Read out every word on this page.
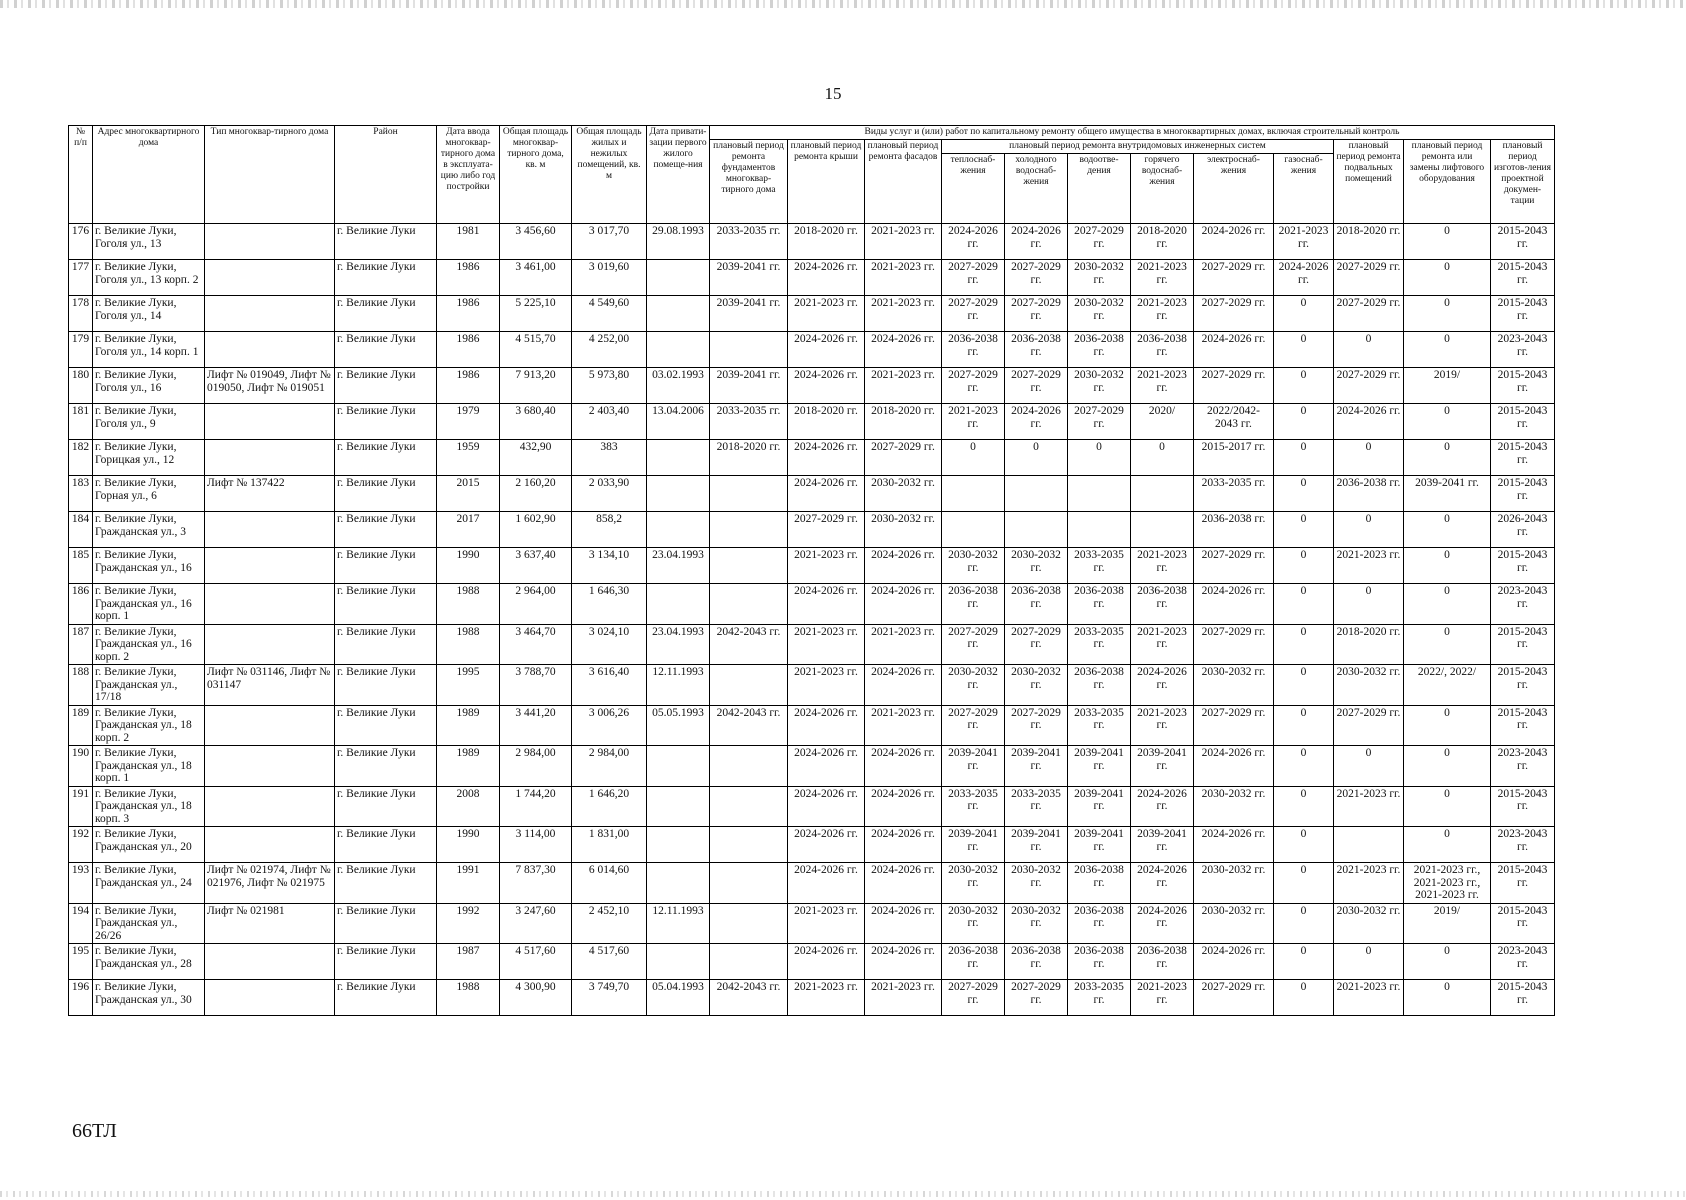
15
№ п/п	Адрес многоквартирного дома	Тип многоквар-тирного дома	Район	Дата ввода многоквар-тирного дома в эксплуата-цию либо год постройки	Общая площадь многоквар-тирного дома, кв. м	Общая площадь жилых и нежилых помещений, кв. м	Дата привати-зации первого жилого помеще-ния	Виды услуг и (или) работ по капитальному ремонту общего имущества в многоквартирных домах, включая строительный контроль											
								плановый период ремонта фундаментов многоквар-тирного дома	плановый период ремонта крыши	плановый период ремонта фасадов	плановый период ремонта внутридомовых инженерных систем						плановый период ремонта подвальных помещений	плановый период ремонта или замены лифтового оборудования	плановый период изготов-ления проектной докумен-тации
											теплоснаб-жения	холодного водоснаб-жения	водоотве-дения	горячего водоснаб-жения	электроснаб-жения	газоснаб-жения			
176	г. Великие Луки, Гоголя ул., 13		г. Великие Луки	1981	3 456,60	3 017,70	29.08.1993	2033-2035 гг.	2018-2020 гг.	2021-2023 гг.	2024-2026 гг.	2024-2026 гг.	2027-2029 гг.	2018-2020 гг.	2024-2026 гг.	2021-2023 гг.	2018-2020 гг.	0	2015-2043 гг.
177	г. Великие Луки, Гоголя ул., 13 корп. 2		г. Великие Луки	1986	3 461,00	3 019,60		2039-2041 гг.	2024-2026 гг.	2021-2023 гг.	2027-2029 гг.	2027-2029 гг.	2030-2032 гг.	2021-2023 гг.	2027-2029 гг.	2024-2026 гг.	2027-2029 гг.	0	2015-2043 гг.
178	г. Великие Луки, Гоголя ул., 14		г. Великие Луки	1986	5 225,10	4 549,60		2039-2041 гг.	2021-2023 гг.	2021-2023 гг.	2027-2029 гг.	2027-2029 гг.	2030-2032 гг.	2021-2023 гг.	2027-2029 гг.	0	2027-2029 гг.	0	2015-2043 гг.
179	г. Великие Луки, Гоголя ул., 14 корп. 1		г. Великие Луки	1986	4 515,70	4 252,00			2024-2026 гг.	2024-2026 гг.	2036-2038 гг.	2036-2038 гг.	2036-2038 гг.	2036-2038 гг.	2024-2026 гг.	0	0	0	2023-2043 гг.
180	г. Великие Луки, Гоголя ул., 16	Лифт № 019049, Лифт № 019050, Лифт № 019051	г. Великие Луки	1986	7 913,20	5 973,80	03.02.1993	2039-2041 гг.	2024-2026 гг.	2021-2023 гг.	2027-2029 гг.	2027-2029 гг.	2030-2032 гг.	2021-2023 гг.	2027-2029 гг.	0	2027-2029 гг.	2019/	2015-2043 гг.
181	г. Великие Луки, Гоголя ул., 9		г. Великие Луки	1979	3 680,40	2 403,40	13.04.2006	2033-2035 гг.	2018-2020 гг.	2018-2020 гг.	2021-2023 гг.	2024-2026 гг.	2027-2029 гг.	2020/	2022/2042-2043 гг.	0	2024-2026 гг.	0	2015-2043 гг.
182	г. Великие Луки, Горицкая ул., 12		г. Великие Луки	1959	432,90	383		2018-2020 гг.	2024-2026 гг.	2027-2029 гг.	0	0	0	0	2015-2017 гг.	0	0	0	2015-2043 гг.
183	г. Великие Луки, Горная ул., 6	Лифт № 137422	г. Великие Луки	2015	2 160,20	2 033,90			2024-2026 гг.	2030-2032 гг.					2033-2035 гг.	0	2036-2038 гг.	2039-2041 гг.	2015-2043 гг.
184	г. Великие Луки, Гражданская ул., 3		г. Великие Луки	2017	1 602,90	858,2			2027-2029 гг.	2030-2032 гг.					2036-2038 гг.	0	0	0	2026-2043 гг.
185	г. Великие Луки, Гражданская ул., 16		г. Великие Луки	1990	3 637,40	3 134,10	23.04.1993		2021-2023 гг.	2024-2026 гг.	2030-2032 гг.	2030-2032 гг.	2033-2035 гг.	2021-2023 гг.	2027-2029 гг.	0	2021-2023 гг.	0	2015-2043 гг.
186	г. Великие Луки, Гражданская ул., 16 корп. 1		г. Великие Луки	1988	2 964,00	1 646,30			2024-2026 гг.	2024-2026 гг.	2036-2038 гг.	2036-2038 гг.	2036-2038 гг.	2036-2038 гг.	2024-2026 гг.	0	0	0	2023-2043 гг.
187	г. Великие Луки, Гражданская ул., 16 корп. 2		г. Великие Луки	1988	3 464,70	3 024,10	23.04.1993	2042-2043 гг.	2021-2023 гг.	2021-2023 гг.	2027-2029 гг.	2027-2029 гг.	2033-2035 гг.	2021-2023 гг.	2027-2029 гг.	0	2018-2020 гг.	0	2015-2043 гг.
188	г. Великие Луки, Гражданская ул., 17/18	Лифт № 031146, Лифт № 031147	г. Великие Луки	1995	3 788,70	3 616,40	12.11.1993		2021-2023 гг.	2024-2026 гг.	2030-2032 гг.	2030-2032 гг.	2036-2038 гг.	2024-2026 гг.	2030-2032 гг.	0	2030-2032 гг.	2022/, 2022/	2015-2043 гг.
189	г. Великие Луки, Гражданская ул., 18 корп. 2		г. Великие Луки	1989	3 441,20	3 006,26	05.05.1993	2042-2043 гг.	2024-2026 гг.	2021-2023 гг.	2027-2029 гг.	2027-2029 гг.	2033-2035 гг.	2021-2023 гг.	2027-2029 гг.	0	2027-2029 гг.	0	2015-2043 гг.
190	г. Великие Луки, Гражданская ул., 18 корп. 1		г. Великие Луки	1989	2 984,00	2 984,00			2024-2026 гг.	2024-2026 гг.	2039-2041 гг.	2039-2041 гг.	2039-2041 гг.	2039-2041 гг.	2024-2026 гг.	0	0	0	2023-2043 гг.
191	г. Великие Луки, Гражданская ул., 18 корп. 3		г. Великие Луки	2008	1 744,20	1 646,20			2024-2026 гг.	2024-2026 гг.	2033-2035 гг.	2033-2035 гг.	2039-2041 гг.	2024-2026 гг.	2030-2032 гг.	0	2021-2023 гг.	0	2015-2043 гг.
192	г. Великие Луки, Гражданская ул., 20		г. Великие Луки	1990	3 114,00	1 831,00			2024-2026 гг.	2024-2026 гг.	2039-2041 гг.	2039-2041 гг.	2039-2041 гг.	2039-2041 гг.	2024-2026 гг.	0		0	2023-2043 гг.
193	г. Великие Луки, Гражданская ул., 24	Лифт № 021974, Лифт № 021976, Лифт № 021975	г. Великие Луки	1991	7 837,30	6 014,60			2024-2026 гг.	2024-2026 гг.	2030-2032 гг.	2030-2032 гг.	2036-2038 гг.	2024-2026 гг.	2030-2032 гг.	0	2021-2023 гг.	2021-2023 гг., 2021-2023 гг., 2021-2023 гг.	2015-2043 гг.
194	г. Великие Луки, Гражданская ул., 26/26	Лифт № 021981	г. Великие Луки	1992	3 247,60	2 452,10	12.11.1993		2021-2023 гг.	2024-2026 гг.	2030-2032 гг.	2030-2032 гг.	2036-2038 гг.	2024-2026 гг.	2030-2032 гг.	0	2030-2032 гг.	2019/	2015-2043 гг.
195	г. Великие Луки, Гражданская ул., 28		г. Великие Луки	1987	4 517,60	4 517,60			2024-2026 гг.	2024-2026 гг.	2036-2038 гг.	2036-2038 гг.	2036-2038 гг.	2036-2038 гг.	2024-2026 гг.	0	0	0	2023-2043 гг.
196	г. Великие Луки, Гражданская ул., 30		г. Великие Луки	1988	4 300,90	3 749,70	05.04.1993	2042-2043 гг.	2021-2023 гг.	2021-2023 гг.	2027-2029 гг.	2027-2029 гг.	2033-2035 гг.	2021-2023 гг.	2027-2029 гг.	0	2021-2023 гг.	0	2015-2043 гг.
66ТЛ
